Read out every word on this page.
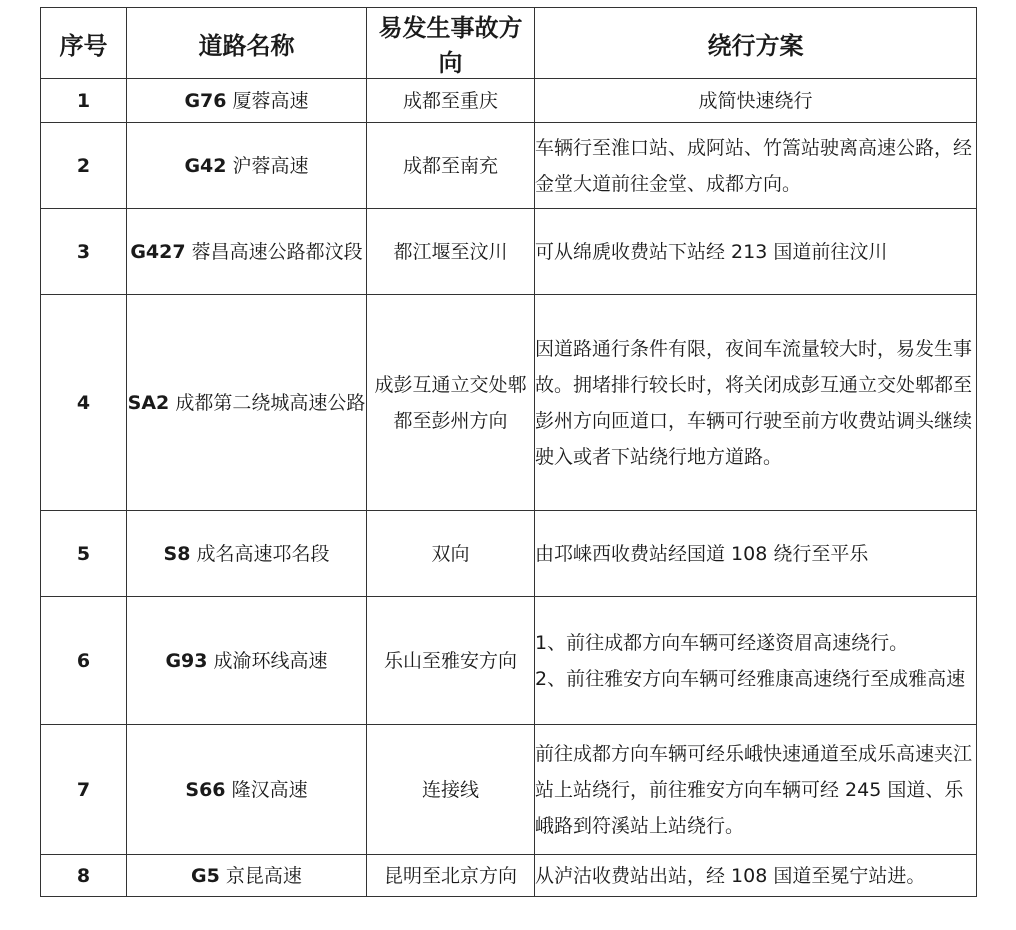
序号	道路名称	易发生事故方向	绕行方案
1	G76 厦蓉高速	成都至重庆	成简快速绕行

2	G42 沪蓉高速	成都至南充	车辆行至淮口站、成阿站、竹篙站驶离高速公路，经金堂大道前往金堂、成都方向。

3	G427 蓉昌高速公路都汶段	都江堰至汶川	可从绵虒收费站下站经 213 国道前往汶川

4	SA2 成都第二绕城高速公路	成彭互通立交处郫都至彭州方向	因道路通行条件有限，夜间车流量较大时，易发生事故。拥堵排行较长时，将关闭成彭互通立交处郫都至彭州方向匝道口，车辆可行驶至前方收费站调头继续驶入或者下站绕行地方道路。

5	S8 成名高速邛名段	双向	由邛崃西收费站经国道 108 绕行至平乐

6	G93 成渝环线高速	乐山至雅安方向	1、前往成都方向车辆可经遂资眉高速绕行。
2、前往雅安方向车辆可经雅康高速绕行至成雅高速

7	S66 隆汉高速	连接线	前往成都方向车辆可经乐峨快速通道至成乐高速夹江站上站绕行，前往雅安方向车辆可经 245 国道、乐峨路到符溪站上站绕行。

8	G5 京昆高速	昆明至北京方向	从泸沽收费站出站，经 108 国道至冕宁站进。
